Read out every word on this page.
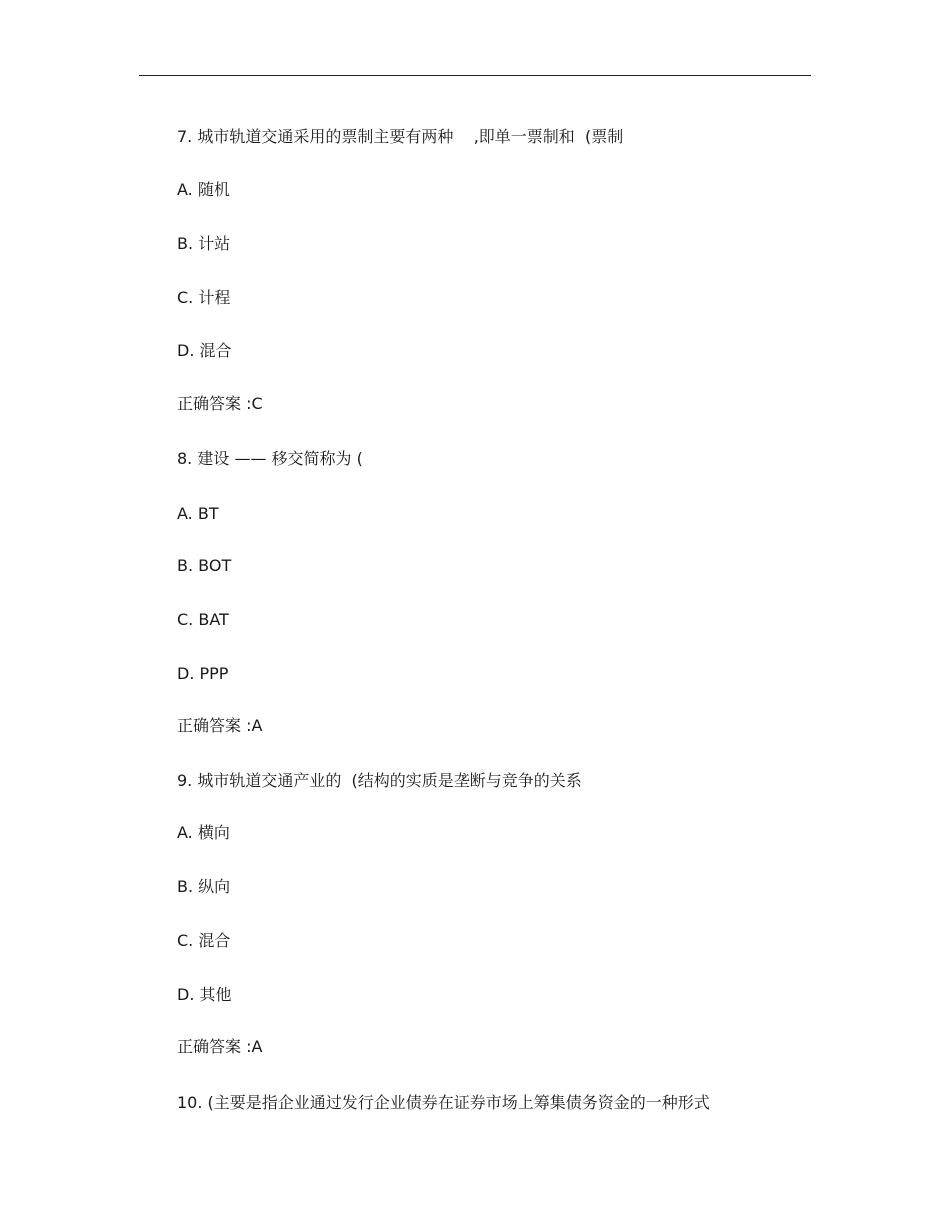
7. 城市轨道交通采用的票制主要有两种    ,即单一票制和  (票制
A. 随机
B. 计站
C. 计程
D. 混合
正确答案 :C
8. 建设 —— 移交简称为 (
A. BT
B. BOT
C. BAT
D. PPP
正确答案 :A
9. 城市轨道交通产业的  (结构的实质是垄断与竞争的关系
A. 横向
B. 纵向
C. 混合
D. 其他
正确答案 :A
10. (主要是指企业通过发行企业债券在证券市场上筹集债务资金的一种形式
